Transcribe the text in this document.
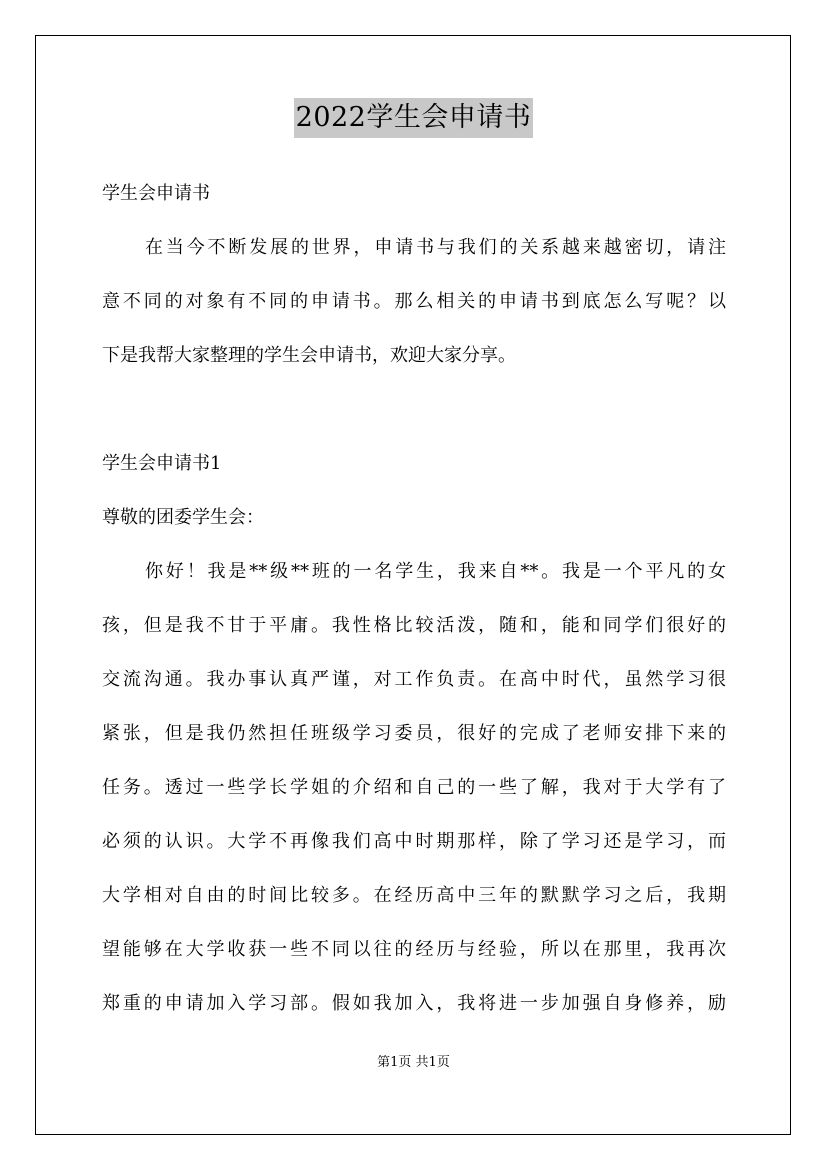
2022学生会申请书
学生会申请书
在当今不断发展的世界，申请书与我们的关系越来越密切，请注
意不同的对象有不同的申请书。那么相关的申请书到底怎么写呢？以
下是我帮大家整理的学生会申请书，欢迎大家分享。
学生会申请书1
尊敬的团委学生会：
你好！我是**级**班的一名学生，我来自**。我是一个平凡的女
孩，但是我不甘于平庸。我性格比较活泼，随和，能和同学们很好的
交流沟通。我办事认真严谨，对工作负责。在高中时代，虽然学习很
紧张，但是我仍然担任班级学习委员，很好的完成了老师安排下来的
任务。透过一些学长学姐的介绍和自己的一些了解，我对于大学有了
必须的认识。大学不再像我们高中时期那样，除了学习还是学习，而
大学相对自由的时间比较多。在经历高中三年的默默学习之后，我期
望能够在大学收获一些不同以往的经历与经验，所以在那里，我再次
郑重的申请加入学习部。假如我加入，我将进一步加强自身修养，励
第1页 共1页
